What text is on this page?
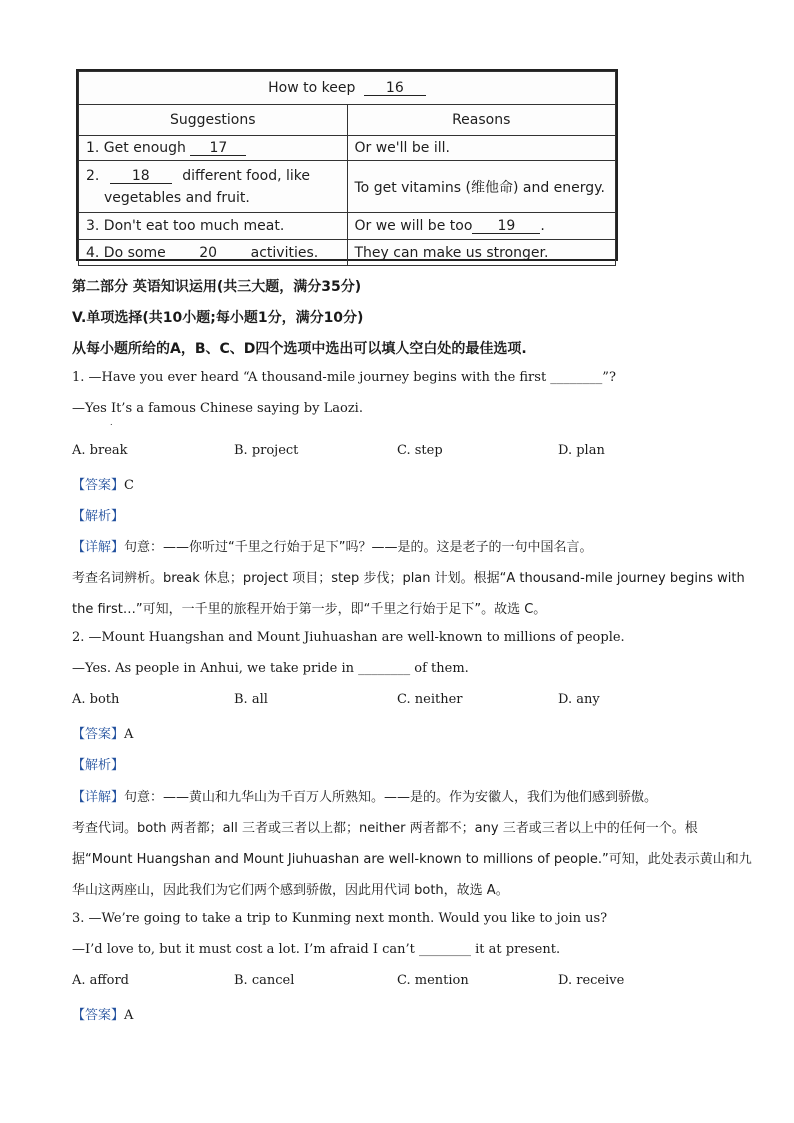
How to keep 16	
Suggestions	Reasons
1. Get enough 17	Or we'll be ill.

2. 18 different food, like
vegetables and fruit.	To get vitamins (维他命) and energy.
3. Don't eat too much meat.	Or we will be too 19 .
4. Do some 20 activities.	They can make us stronger.
第二部分 英语知识运用(共三大题，满分35分)
V.单项选择(共10小题;每小题1分，满分10分)
从每小题所给的A，B、C、D四个选项中选出可以填人空白处的最佳选项.
1. —Have you ever heard “A thousand-mile journey begins with the first ________”?
—Yes It’s a famous Chinese saying by Laozi.
.
A. break	B. project	C. step	D. plan
【答案】C
【解析】
【详解】句意：——你听过“千里之行始于足下”吗？——是的。这是老子的一句中国名言。
考查名词辨析。break 休息；project 项目；step 步伐；plan 计划。根据“A thousand-mile journey begins with
the first…”可知，一千里的旅程开始于第一步，即“千里之行始于足下”。故选 C。
2. —Mount Huangshan and Mount Jiuhuashan are well-known to millions of people.
—Yes. As people in Anhui, we take pride in ________ of them.
A. both	B. all	C. neither	D. any
【答案】A
【解析】
【详解】句意：——黄山和九华山为千百万人所熟知。——是的。作为安徽人，我们为他们感到骄傲。
考查代词。both 两者都；all 三者或三者以上都；neither 两者都不；any 三者或三者以上中的任何一个。根
据“Mount Huangshan and Mount Jiuhuashan are well-known to millions of people.”可知，此处表示黄山和九
华山这两座山，因此我们为它们两个感到骄傲，因此用代词 both，故选 A。
3. —We’re going to take a trip to Kunming next month. Would you like to join us?
—I’d love to, but it must cost a lot. I’m afraid I can’t ________ it at present.
A. afford	B. cancel	C. mention	D. receive
【答案】A
